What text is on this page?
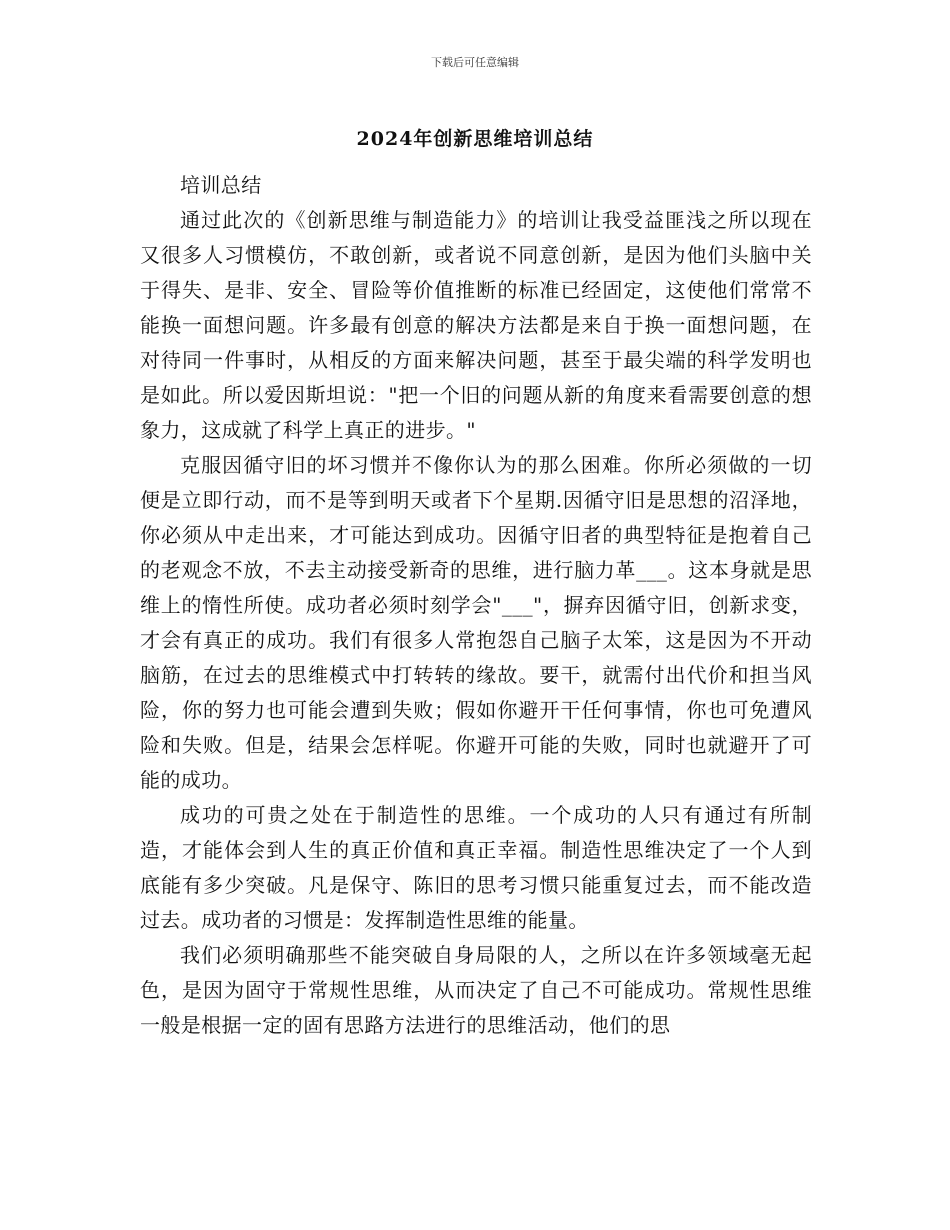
下载后可任意编辑
2024年创新思维培训总结

培训总结

通过此次的《创新思维与制造能力》的培训让我受益匪浅之所以现在又很多人习惯模仿，不敢创新，或者说不同意创新，是因为他们头脑中关于得失、是非、安全、冒险等价值推断的标准已经固定，这使他们常常不能换一面想问题。许多最有创意的解决方法都是来自于换一面想问题，在对待同一件事时，从相反的方面来解决问题，甚至于最尖端的科学发明也是如此。所以爱因斯坦说："把一个旧的问题从新的角度来看需要创意的想象力，这成就了科学上真正的进步。"

克服因循守旧的坏习惯并不像你认为的那么困难。你所必须做的一切便是立即行动，而不是等到明天或者下个星期.因循守旧是思想的沼泽地，你必须从中走出来，才可能达到成功。因循守旧者的典型特征是抱着自己的老观念不放，不去主动接受新奇的思维，进行脑力革___。这本身就是思维上的惰性所使。成功者必须时刻学会"___"，摒弃因循守旧，创新求变，才会有真正的成功。我们有很多人常抱怨自己脑子太笨，这是因为不开动脑筋，在过去的思维模式中打转转的缘故。要干，就需付出代价和担当风险，你的努力也可能会遭到失败；假如你避开干任何事情，你也可免遭风险和失败。但是，结果会怎样呢。你避开可能的失败，同时也就避开了可能的成功。

成功的可贵之处在于制造性的思维。一个成功的人只有通过有所制造，才能体会到人生的真正价值和真正幸福。制造性思维决定了一个人到底能有多少突破。凡是保守、陈旧的思考习惯只能重复过去，而不能改造过去。成功者的习惯是：发挥制造性思维的能量。

我们必须明确那些不能突破自身局限的人，之所以在许多领域毫无起色，是因为固守于常规性思维，从而决定了自己不可能成功。常规性思维一般是根据一定的固有思路方法进行的思维活动，他们的思
